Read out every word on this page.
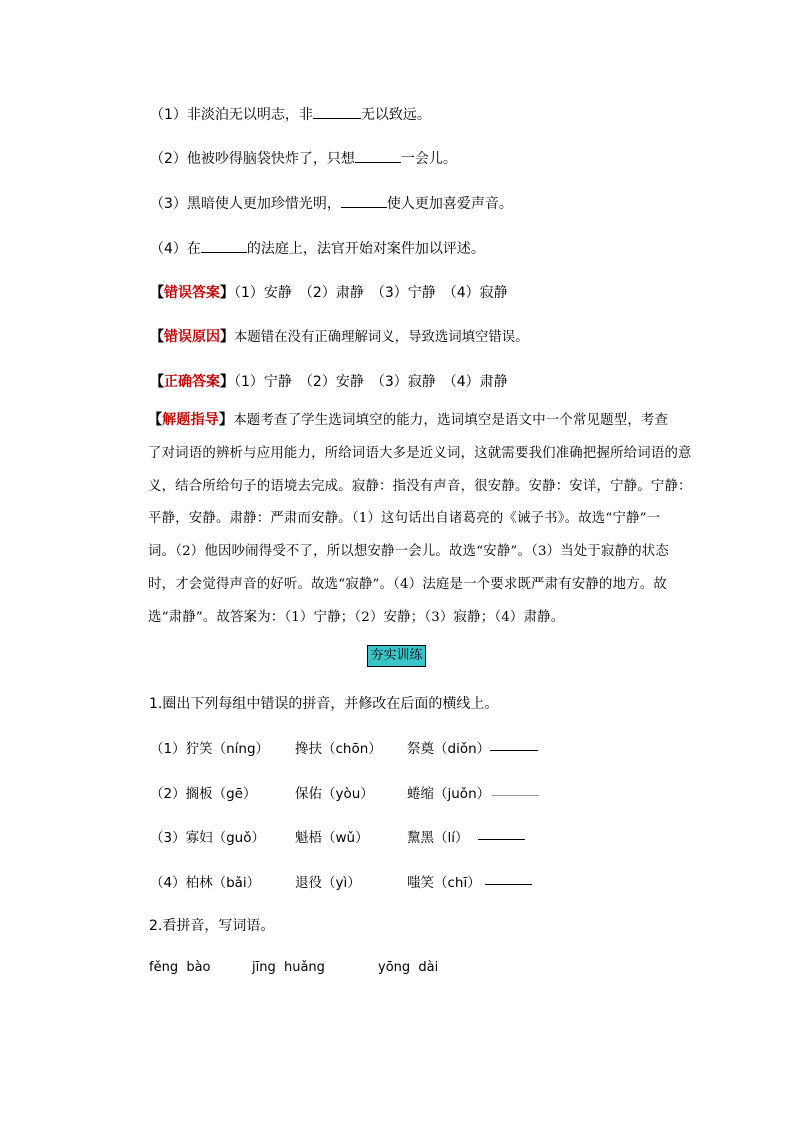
（1）非淡泊无以明志，非	无以致远。
（2）他被吵得脑袋快炸了，只想	一会儿。
（3）黑暗使人更加珍惜光明，	使人更加喜爱声音。
（4）在	的法庭上，法官开始对案件加以评述。
【错误答案】（1）安静　（2）肃静　（3）宁静　（4）寂静
【错误原因】本题错在没有正确理解词义，导致选词填空错误。
【正确答案】（1）宁静　（2）安静　（3）寂静　（4）肃静
【解题指导】本题考查了学生选词填空的能力，选词填空是语文中一个常见题型，考查
了对词语的辨析与应用能力，所给词语大多是近义词，这就需要我们准确把握所给词语的意
义，结合所给句子的语境去完成。寂静：指没有声音，很安静。安静：安详，宁静。宁静：
平静，安静。肃静：严肃而安静。（1）这句话出自诸葛亮的《诫子书》。故选“宁静”一
词。（2）他因吵闹得受不了，所以想安静一会儿。故选“安静”。（3）当处于寂静的状态
时，才会觉得声音的好听。故选“寂静”。（4）法庭是一个要求既严肃有安静的地方。故
选“肃静”。故答案为：（1）宁静；（2）安静；（3）寂静；（4）肃静。
夯实训练
1.圈出下列每组中错误的拼音，并修改在后面的横线上。
（1）狞笑（níng） 搀扶（chōn） 祭奠（diǒn）
（2）搁板（gē）	保佑（yòu） 蜷缩（juǒn）
（3）寡妇（guǒ） 魁梧（wǔ）	黧黑（lí）
（4）柏林（bǎi）	退役（yì）	嗤笑（chī）
2.看拼音，写词语。
fěng  bào	jīng  huǎng	yōng  dài
